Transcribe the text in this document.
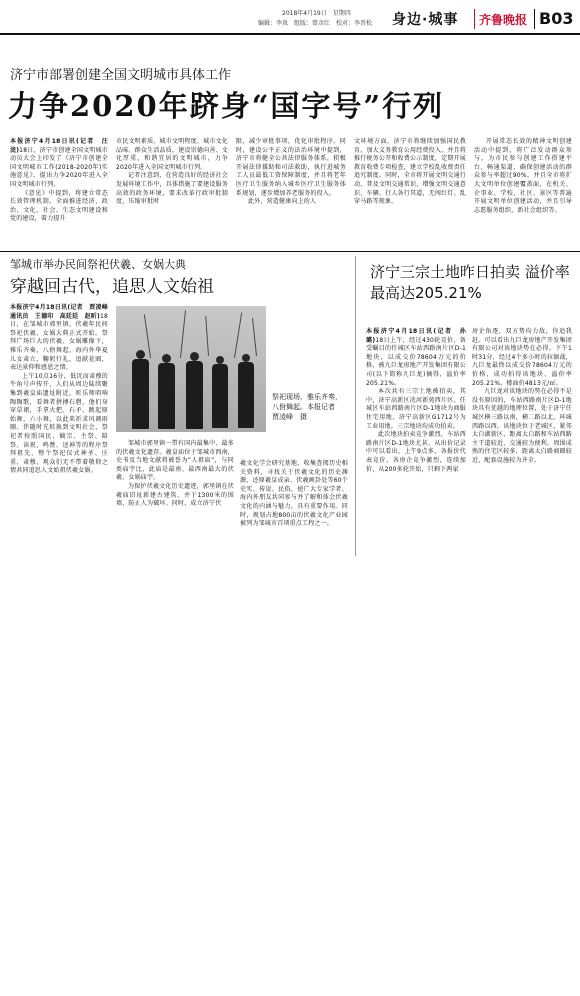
2018年4月19日　星期四
编辑：李岚　组版：曾彦红　校对：李晋松 身边·城事 齐鲁晚报 B03
济宁市部署创建全国文明城市具体工作
力争2020年跻身“国字号”行列

本报济宁4月18日讯(记者　汪泷)18日，济宁市创建全国文明城市动员大会上印发了《济宁市创建全国文明城市工作(2018-2020年)实施意见》，提出力争2020年进入全国文明城市行列。

《意见》中提到，将建立常态长效管理机制，全面推进经济、政治、文化、社会、生态文明建设和党的建设，着力提升

市民文明素质、城市文明程度、城市文化品味、群众生活品质，建设崇德向善、文化厚重、和谐宜居的文明城市，力争2020年进入全国文明城市行列。

记者注意到，在营造良好的经济社会发展环境工作中，具体措施了要建设服务高效的政务环境，要求改革行政审批制度，压缩审批时

限，减少审批事项，优化审批程序。同时，建设公平正义的法治环境中提到，济宁市将健全公共法律服务体系，积极开展法律援助和司法救助，执行进城务工人员最低工资保障制度，并且将老年医疗卫生服务纳入城乡医疗卫生服务体系规划，逐步增加养老服务的投入。

此外，营造健康向上的人

文环境方面，济宁市将继续加强国民教育，加大义务教育公用经费投入，并且将推行税务公开和收费公示制度，定期开展教育收费专项检查，建立学校乱收费责任追究制度。同时，全市将开展文明交通行动，普及文明交通常识，增强文明交通意识，车辆、行人各行其道，无闯红灯、乱穿马路等现象。

开展常态长效的精神文明创建活动中提到，将广泛发动群众参与，为市民参与创建工作搭建平台、畅通渠道，确保创建活动的群众参与率超过90%，并且全市将扩大文明单位创建覆盖面，在机关、企事业、学校、社区、景区等普遍开展文明单位创建活动，并且引导志愿服务组织、新社会组织等。

邹城市举办民间祭祀伏羲、女娲大典
穿越回古代，追思人文始祖

本报济宁4月18日讯(记者　贾凌峰　通讯员　王德印　高廷廷　赵昕)18日，在邹城市郭里镇，伏羲年民间祭祀伏羲、女娲大典正式开始。祭拜广场巨大的伏羲、女娲雕像下，雅乐齐奏，八佾舞起，海内外华夏儿女肃立，鞠躬行礼，追献花圈，表达景仰和感恩之情。

上午10点16分，低沉而肃穆的牛角号声传开，人们从周边陆续聚集到羲皇庙遗址附近，听乐师唱响陶陶歌，看舞者拼搏石磬，他们身穿草裙，手拿火把、石矛，跳起原始舞，六小舞，以此来祈求风调雨顺。伴随时光转换到文明社会，祭祀者按照国民、嫡宗、主祭、陪祭、读祝、鸣赞、送神等的程序祭拜祖先，整个祭祀仪式神圣、庄重，肃穆，观众们无不带着敬仰之情共同追思人文始祖伏羲女娲。

祭祀现场，雅乐齐奏，八佾舞起。本报记者　贾凌峰　摄

邹城市郭里镇一带有国内最集中、最多的伏羲文化遗存。羲皇庙位于邹城市西南，史书及当地文献将被誉为“人祖庙”，与同类庙宇比，此庙是最南、最西南最大的伏羲、女娲庙宇。

为保护伏羲文化历史遗迹，郭里镇在伏羲庙旧址新建古建筑，并于1300米的围墙，防止人为破坏。同时，成立济宁伏

羲文化学会研究基地，收集查阅历史相关资料，寻找关于伏羲文化的历史渊源，还原羲皇成亲、伏羲画卦处等60个史实、传说、民俗，使广大专家学者、海内外朋友共同参与并了解和体会伏羲文化的内涵与魅力，具有重要作用。同时，规划占地800亩的伏羲文化产业园被列为邹城市百项重点工程之一。

济宁三宗土地昨日拍卖 溢价率最高达205.21%

本报济宁4月18日讯(记者　孙璐)18日上午，经过430轮竞价，备受瞩目的任城区车站西路南片区D-1地块，以成交价78604万元的价格，被九巨龙房地产开发集团有限公司(以下简称九巨龙)摘得，溢价率205.21%。

本次共有三宗土地被拍卖，其中，济宁高新区洸河新苑西片区、任城区车站西路南片区D-1地块为商服住宅用地，济宁高新区G1712号为工业用地。三宗地块均成功拍卖。

此次地块拍卖竞争激烈，车站西路南片区D-1地块尤甚，从出价记录中可以看出，上午9点多，各报价代表竞价，各房企竞争激烈，连续加价，从200多轮开始，只剩下两家

房企角逐，双方势均力敌，你追我赶。可以看出九巨龙房地产开发集团有限公司对该地块势在必得。下午1时31分，经过4个多小时的拉锯战，九巨龙最终以成交价78604万元的价格，成功拍得该地块，溢价率205.21%，楼面价4813元/㎡。

九巨龙对该地块的势在必得不是没有原因的，车站西路南片区D-1地块具有优越的地理位置，处于济宁任城区横三路以南，横二路以北，环城西路以西，该地块位于老城区，紧邻太白湖新区，距离太白路和车站西路主干道较近，交通较为便利。周围成熟的住宅区较多，距离太白路商圈较近，配套设施较为齐全。
